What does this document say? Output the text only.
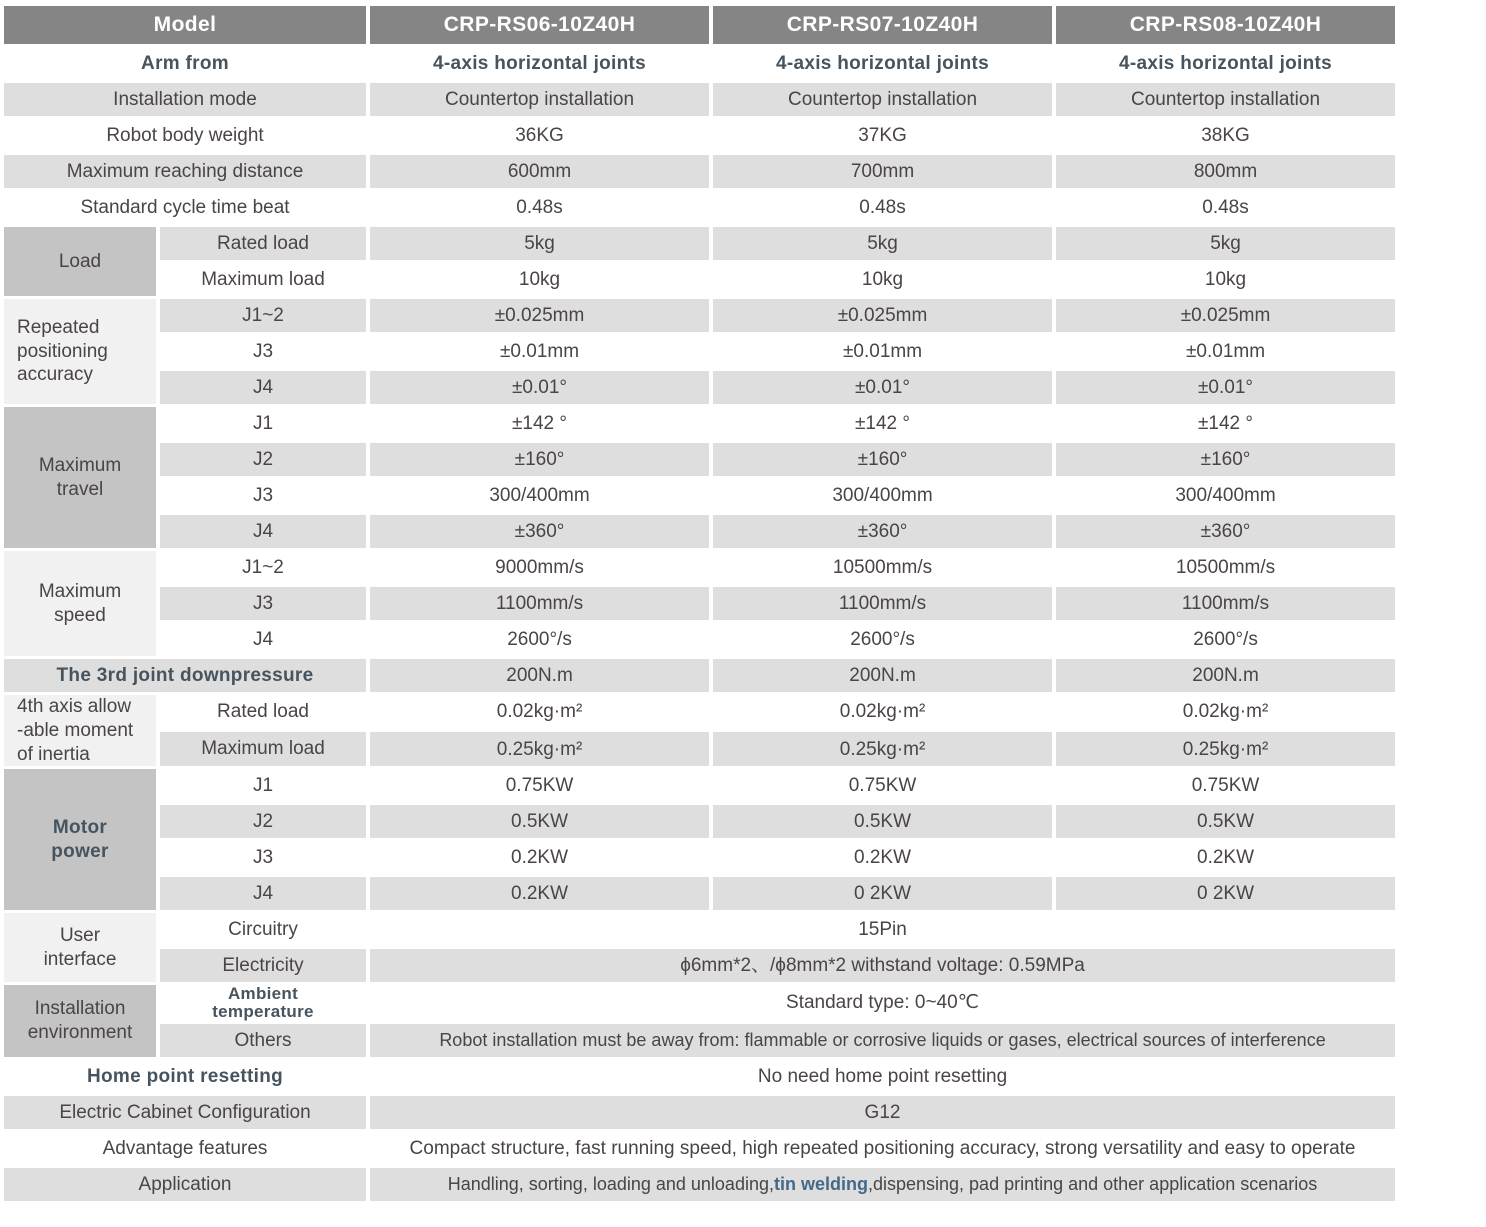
Model		CRP-RS06-10Z40H	CRP-RS07-10Z40H	CRP-RS08-10Z40H
Arm from		4-axis horizontal joints	4-axis horizontal joints	4-axis horizontal joints
Installation mode		Countertop installation	Countertop installation	Countertop installation
Robot body weight		36KG	37KG	38KG
Maximum reaching distance		600mm	700mm	800mm
Standard cycle time beat		0.48s	0.48s	0.48s
Load	Rated load	5kg	5kg	5kg
	Maximum load	10kg	10kg	10kg
Repeated
positioning
accuracy	J1~2	±0.025mm	±0.025mm	±0.025mm
	J3	±0.01mm	±0.01mm	±0.01mm
	J4	±0.01°	±0.01°	±0.01°
Maximum
travel	J1	±142 °	±142 °	±142 °
	J2	±160°	±160°	±160°
	J3	300/400mm	300/400mm	300/400mm
	J4	±360°	±360°	±360°
Maximum
speed	J1~2	9000mm/s	10500mm/s	10500mm/s
	J3	1100mm/s	1100mm/s	1100mm/s
	J4	2600°/s	2600°/s	2600°/s
The 3rd joint downpressure		200N.m	200N.m	200N.m
4th axis allow
-able moment
of inertia	Rated load	0.02kg·m²	0.02kg·m²	0.02kg·m²
	Maximum load	0.25kg·m²	0.25kg·m²	0.25kg·m²
Motor
power	J1	0.75KW	0.75KW	0.75KW
	J2	0.5KW	0.5KW	0.5KW
	J3	0.2KW	0.2KW	0.2KW
	J4	0.2KW	0 2KW	0 2KW
User
interface	Circuitry	15Pin		
	Electricity	ϕ6mm*2、/ϕ8mm*2 withstand voltage: 0.59MPa		
Installation
environment	Ambient
temperature	Standard type: 0~40℃		
	Others	Robot installation must be away from: flammable or corrosive liquids or gases, electrical sources of interference		
Home point resetting		No need home point resetting		
Electric Cabinet Configuration		G12		
Advantage features		Compact structure, fast running speed, high repeated positioning accuracy, strong versatility and easy to operate		
Application		Handling, sorting, loading and unloading,tin welding,dispensing, pad printing and other application scenarios		
